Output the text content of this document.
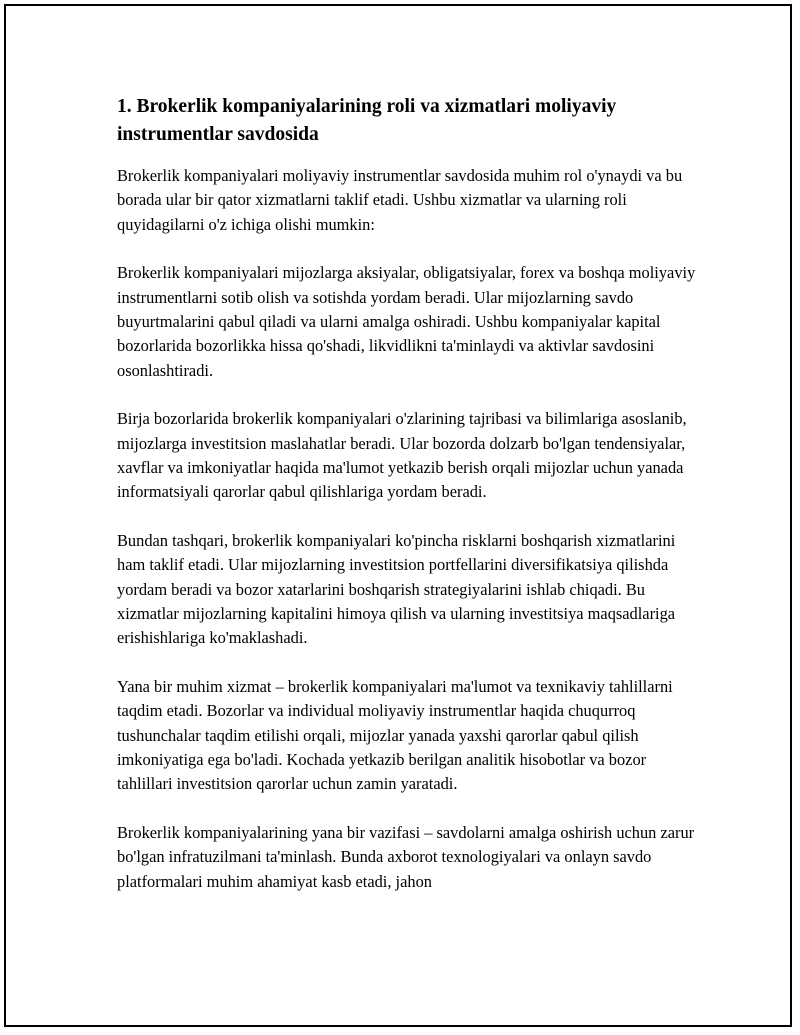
1. Brokerlik kompaniyalarining roli va xizmatlari moliyaviy instrumentlar savdosida

Brokerlik kompaniyalari moliyaviy instrumentlar savdosida muhim rol o'ynaydi va bu borada ular bir qator xizmatlarni taklif etadi. Ushbu xizmatlar va ularning roli quyidagilarni o'z ichiga olishi mumkin:

Brokerlik kompaniyalari mijozlarga aksiyalar, obligatsiyalar, forex va boshqa moliyaviy instrumentlarni sotib olish va sotishda yordam beradi. Ular mijozlarning savdo buyurtmalarini qabul qiladi va ularni amalga oshiradi. Ushbu kompaniyalar kapital bozorlarida bozorlikka hissa qo'shadi, likvidlikni ta'minlaydi va aktivlar savdosini osonlashtiradi.

Birja bozorlarida brokerlik kompaniyalari o'zlarining tajribasi va bilimlariga asoslanib, mijozlarga investitsion maslahatlar beradi. Ular bozorda dolzarb bo'lgan tendensiyalar, xavflar va imkoniyatlar haqida ma'lumot yetkazib berish orqali mijozlar uchun yanada informatsiyali qarorlar qabul qilishlariga yordam beradi.

Bundan tashqari, brokerlik kompaniyalari ko'pincha risklarni boshqarish xizmatlarini ham taklif etadi. Ular mijozlarning investitsion portfellarini diversifikatsiya qilishda yordam beradi va bozor xatarlarini boshqarish strategiyalarini ishlab chiqadi. Bu xizmatlar mijozlarning kapitalini himoya qilish va ularning investitsiya maqsadlariga erishishlariga ko'maklashadi.

Yana bir muhim xizmat – brokerlik kompaniyalari ma'lumot va texnikaviy tahlillarni taqdim etadi. Bozorlar va individual moliyaviy instrumentlar haqida chuqurroq tushunchalar taqdim etilishi orqali, mijozlar yanada yaxshi qarorlar qabul qilish imkoniyatiga ega bo'ladi. Kochada yetkazib berilgan analitik hisobotlar va bozor tahlillari investitsion qarorlar uchun zamin yaratadi.

Brokerlik kompaniyalarining yana bir vazifasi – savdolarni amalga oshirish uchun zarur bo'lgan infratuzilmani ta'minlash. Bunda axborot texnologiyalari va onlayn savdo platformalari muhim ahamiyat kasb etadi, jahon
